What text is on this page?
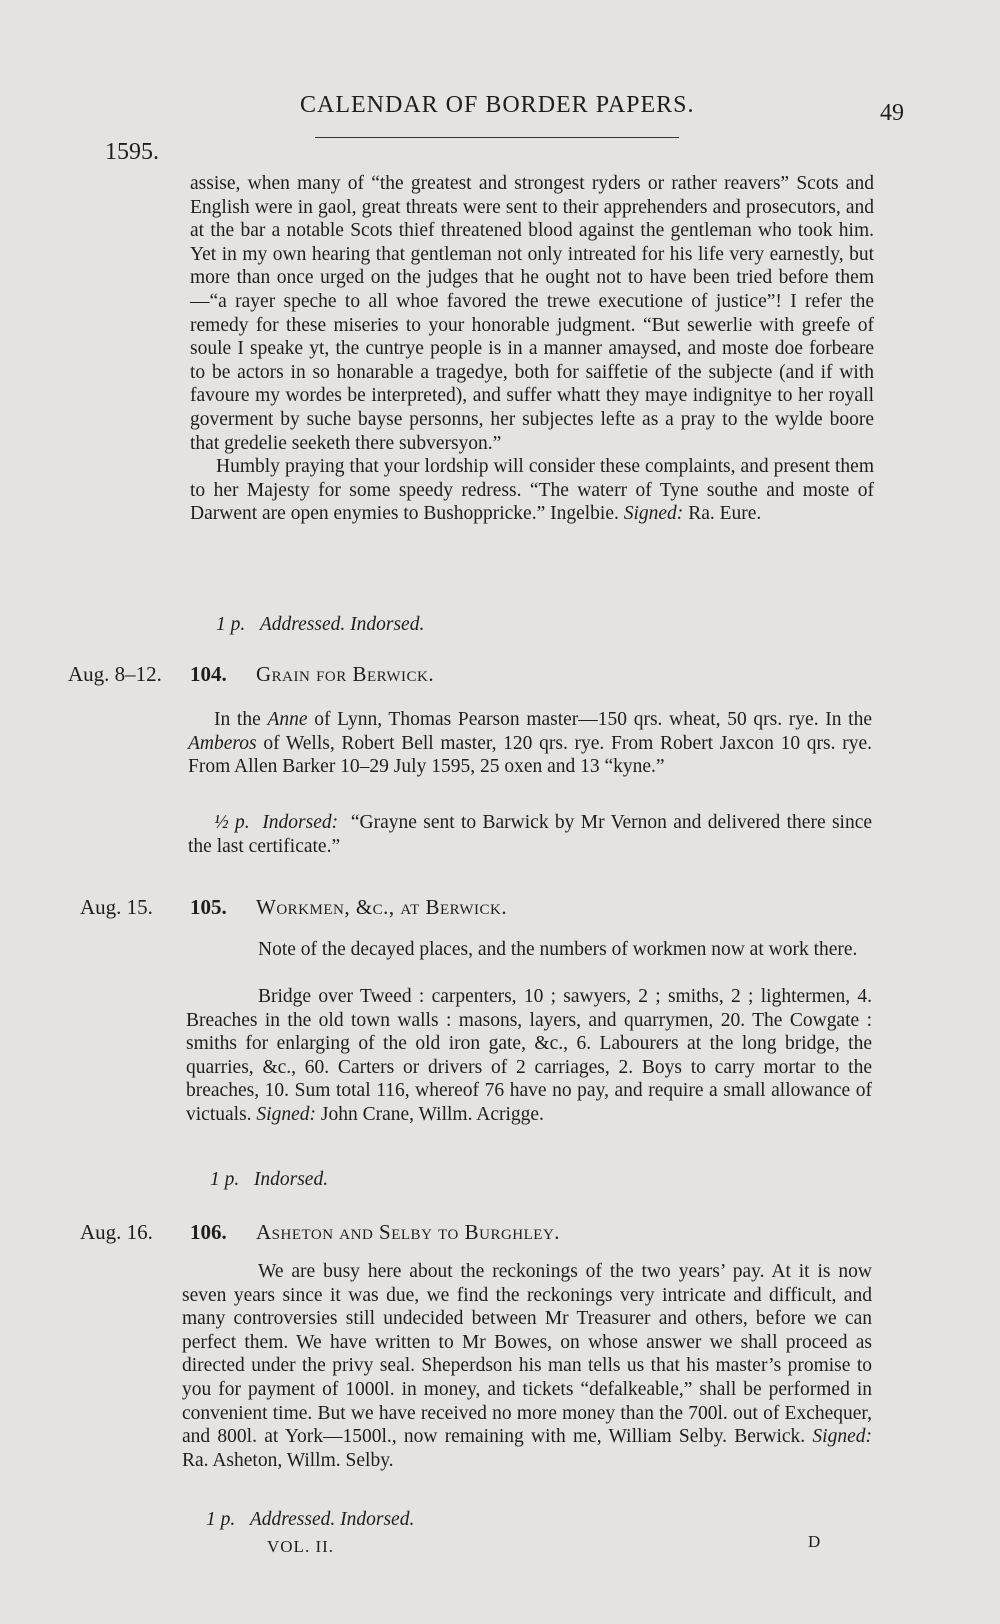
CALENDAR OF BORDER PAPERS.	49
1595.

assise, when many of “the greatest and strongest ryders or rather reavers” Scots and English were in gaol, great threats were sent to their apprehenders and prosecutors, and at the bar a notable Scots thief threatened blood against the gentleman who took him. Yet in my own hearing that gentleman not only intreated for his life very earnestly, but more than once urged on the judges that he ought not to have been tried before them—“a rayer speche to all whoe favored the trewe executione of justice”! I refer the remedy for these miseries to your honorable judgment. “But sewerlie with greefe of soule I speake yt, the cuntrye people is in a manner amaysed, and moste doe forbeare to be actors in so honarable a tragedye, both for saiffetie of the subjecte (and if with favoure my wordes be interpreted), and suffer whatt they maye indignitye to her royall goverment by suche bayse personns, her subjectes lefte as a pray to the wylde boore that gredelie seeketh there subversyon.”

Humbly praying that your lordship will consider these complaints, and present them to her Majesty for some speedy redress. “The waterr of Tyne southe and moste of Darwent are open enymies to Bushoppricke.” Ingelbie. Signed: Ra. Eure.

1 p. Addressed. Indorsed.
Aug. 8–12. 104. Grain for Berwick.

In the Anne of Lynn, Thomas Pearson master—150 qrs. wheat, 50 qrs. rye. In the Amberos of Wells, Robert Bell master, 120 qrs. rye. From Robert Jaxcon 10 qrs. rye. From Allen Barker 10–29 July 1595, 25 oxen and 13 “kyne.”

½ p. Indorsed: “Grayne sent to Barwick by Mr Vernon and delivered there since the last certificate.”

Aug. 15. 105. Workmen, &c., at Berwick.

Note of the decayed places, and the numbers of workmen now at work there.

Bridge over Tweed : carpenters, 10 ; sawyers, 2 ; smiths, 2 ; lightermen, 4. Breaches in the old town walls : masons, layers, and quarrymen, 20. The Cowgate : smiths for enlarging of the old iron gate, &c., 6. Labourers at the long bridge, the quarries, &c., 60. Carters or drivers of 2 carriages, 2. Boys to carry mortar to the breaches, 10. Sum total 116, whereof 76 have no pay, and require a small allowance of victuals. Signed: John Crane, Willm. Acrigge.

1 p. Indorsed.
Aug. 16. 106. Asheton and Selby to Burghley.

We are busy here about the reckonings of the two years’ pay. At it is now seven years since it was due, we find the reckonings very intricate and difficult, and many controversies still undecided between Mr Treasurer and others, before we can perfect them. We have written to Mr Bowes, on whose answer we shall proceed as directed under the privy seal. Sheperdson his man tells us that his master’s promise to you for payment of 1000l. in money, and tickets “defalkeable,” shall be performed in convenient time. But we have received no more money than the 700l. out of Exchequer, and 800l. at York—1500l., now remaining with me, William Selby. Berwick. Signed: Ra. Asheton, Willm. Selby.

1 p. Addressed. Indorsed.
VOL. II.	D
